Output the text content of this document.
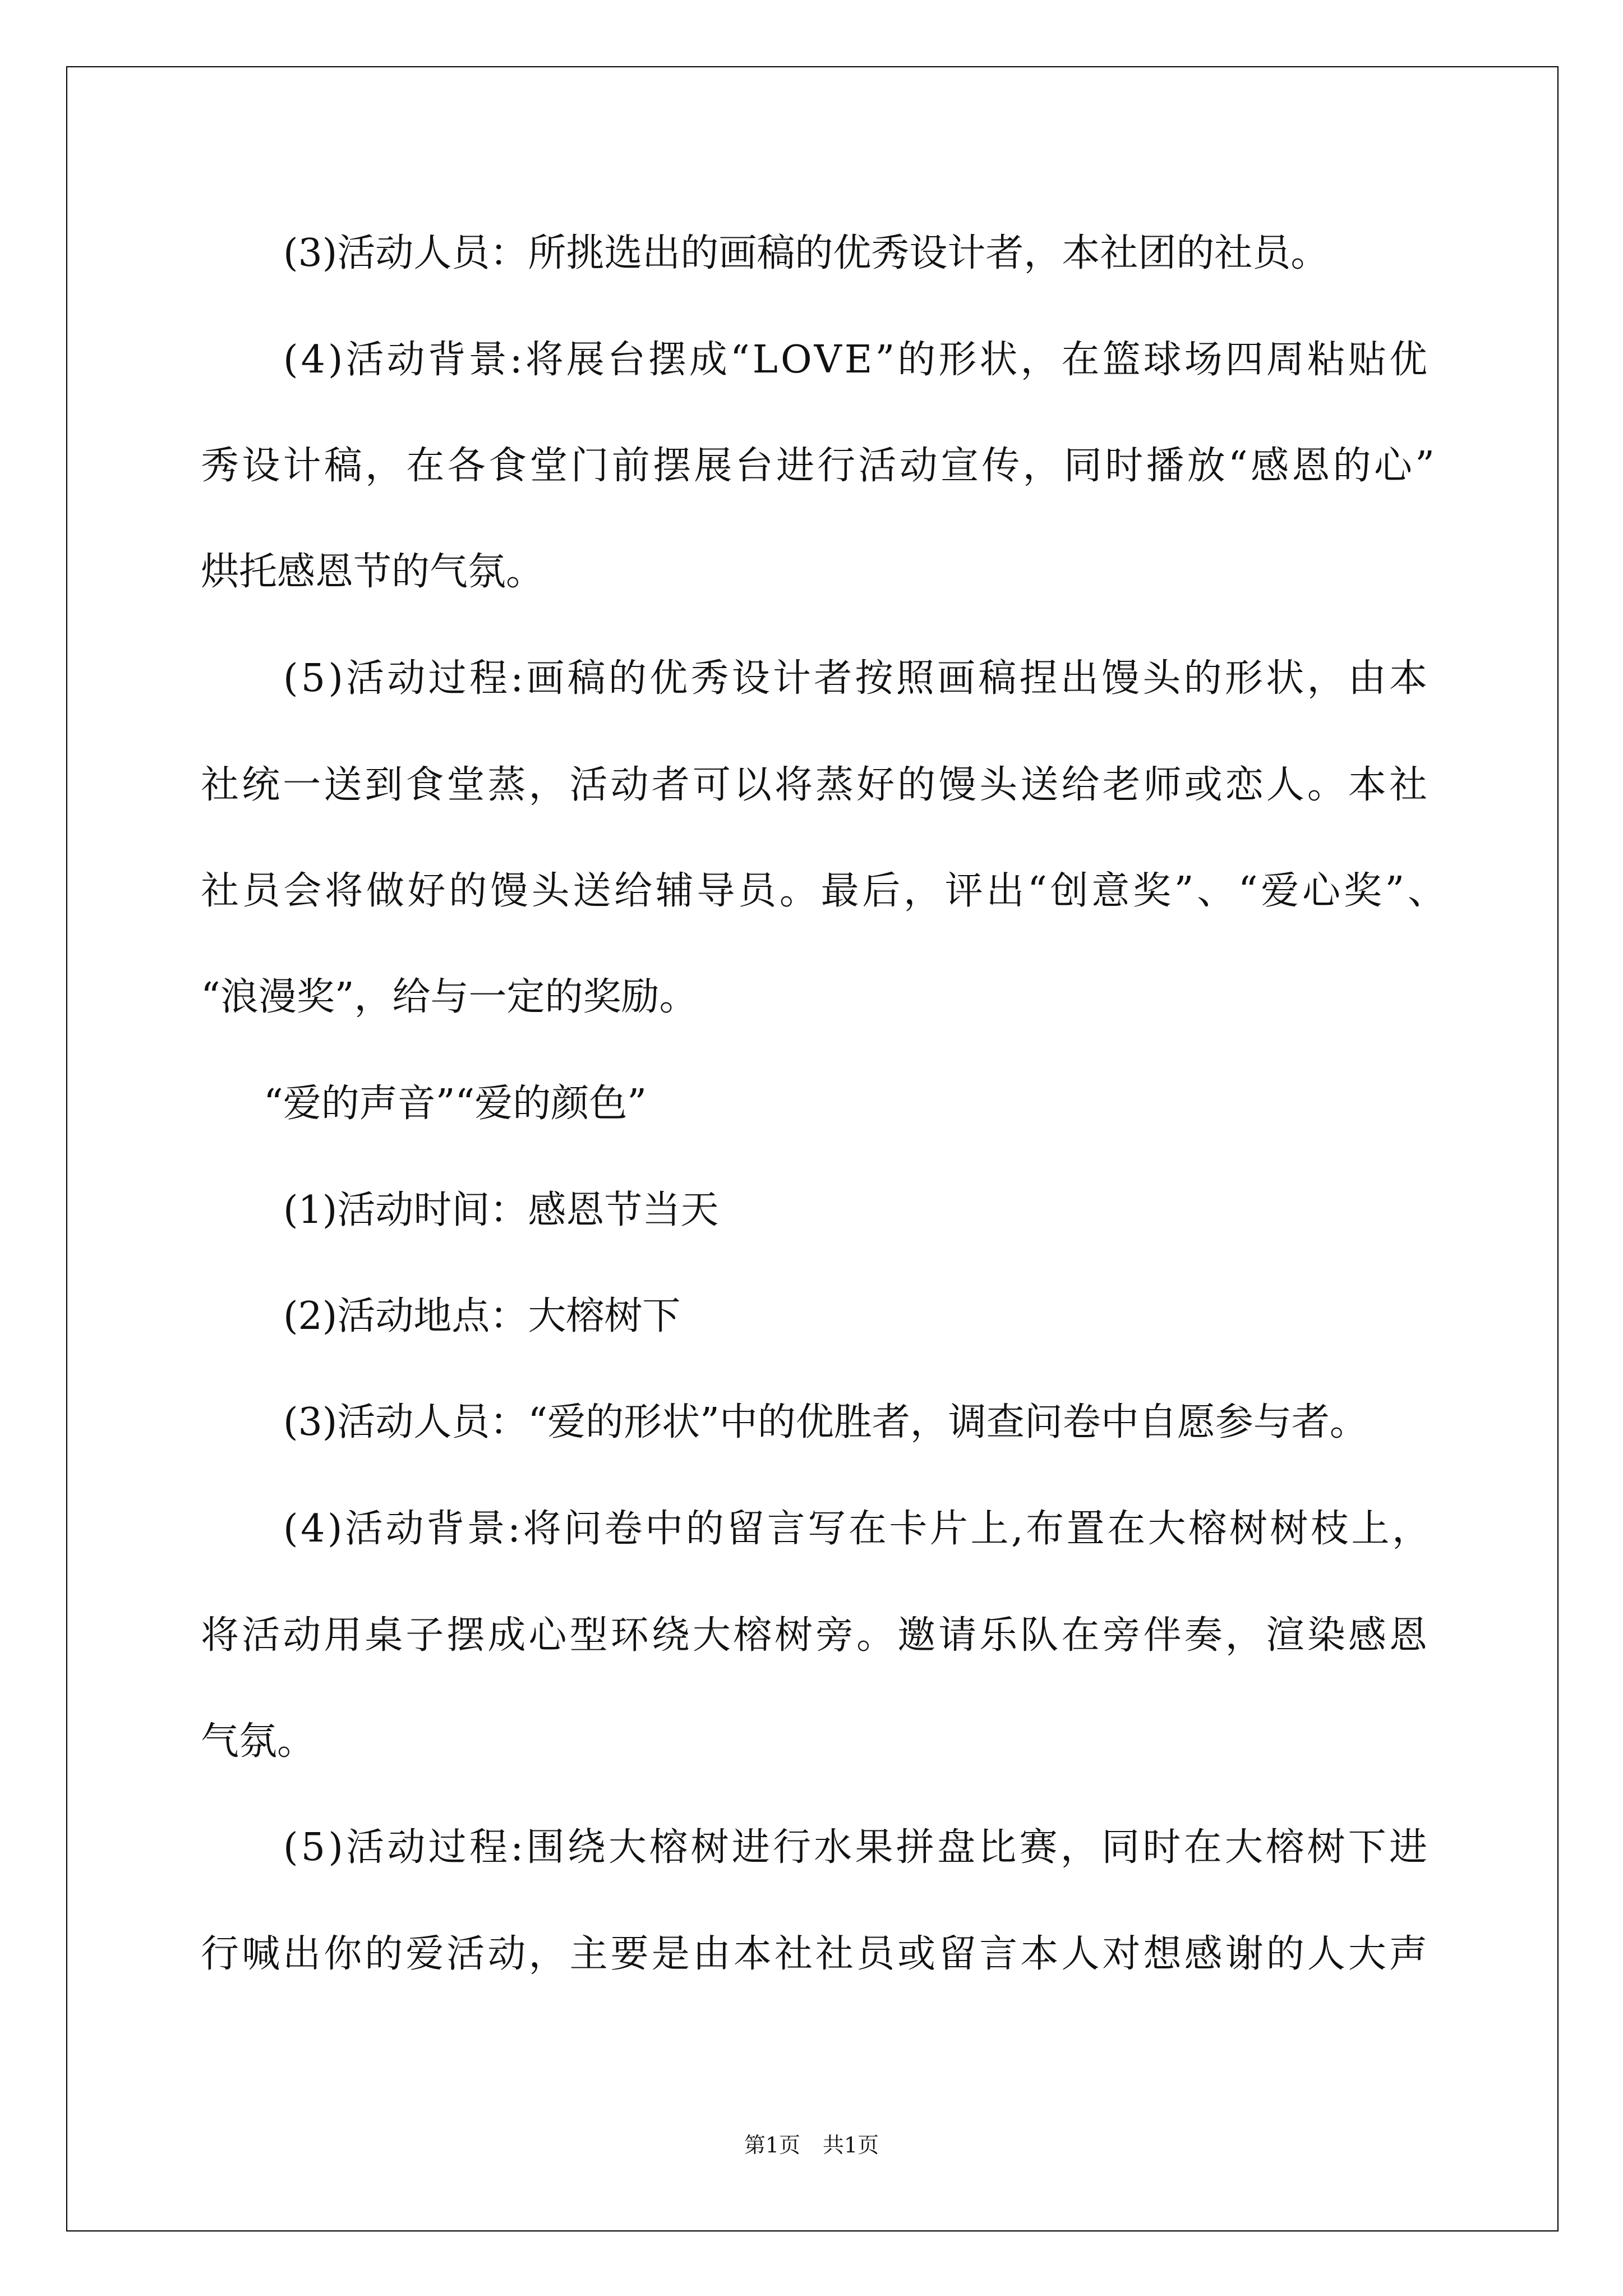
(3)活动人员：所挑选出的画稿的优秀设计者，本社团的社员。
(4)活动背景:将展台摆成“LOVE”的形状，在篮球场四周粘贴优
秀设计稿，在各食堂门前摆展台进行活动宣传，同时播放“感恩的心”
烘托感恩节的气氛。
(5)活动过程:画稿的优秀设计者按照画稿捏出馒头的形状，由本
社统一送到食堂蒸，活动者可以将蒸好的馒头送给老师或恋人。本社
社员会将做好的馒头送给辅导员。最后，评出“创意奖”、“爱心奖”、
“浪漫奖”，给与一定的奖励。
“爱的声音”“爱的颜色”
(1)活动时间：感恩节当天
(2)活动地点：大榕树下
(3)活动人员：“爱的形状”中的优胜者，调查问卷中自愿参与者。
(4)活动背景:将问卷中的留言写在卡片上,布置在大榕树树枝上，
将活动用桌子摆成心型环绕大榕树旁。邀请乐队在旁伴奏，渲染感恩
气氛。
(5)活动过程:围绕大榕树进行水果拼盘比赛，同时在大榕树下进
行喊出你的爱活动，主要是由本社社员或留言本人对想感谢的人大声
第1页 共1页
